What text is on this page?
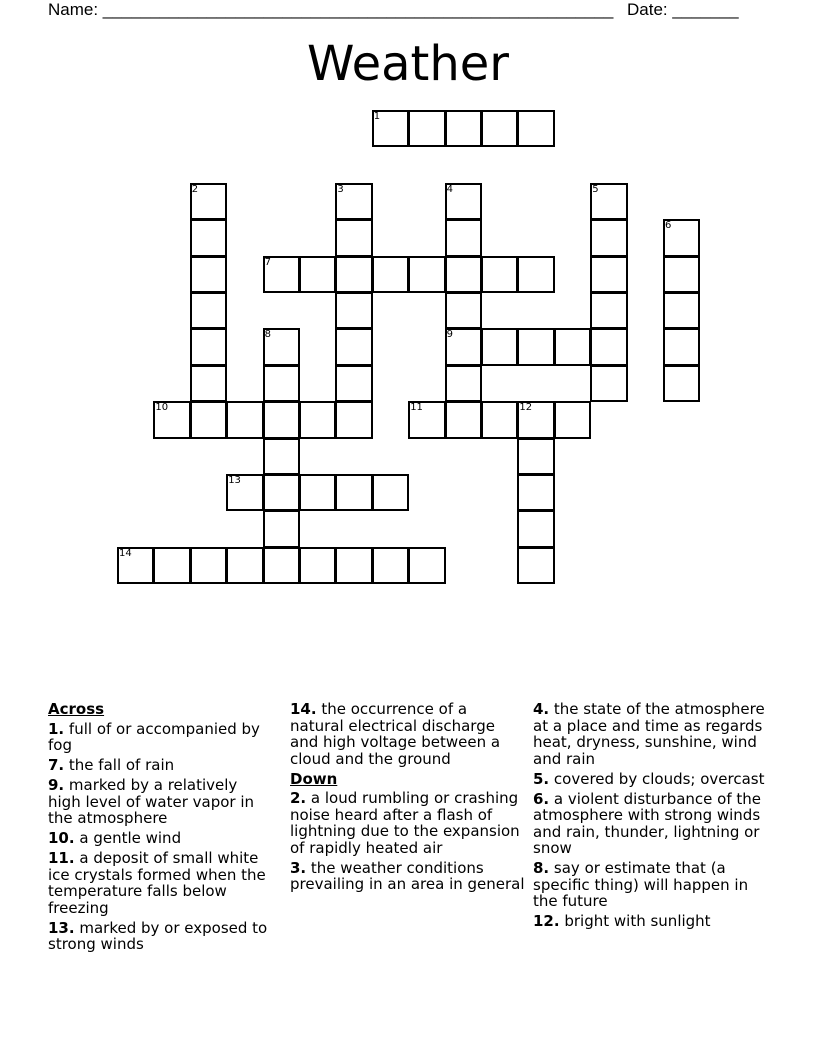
Name: ______________________________________________________ Date: _______
Weather
1
7
9
10	11
13
14
2	3	4	5
6
8
12
Across
1. full of or accompanied by fog
7. the fall of rain
9. marked by a relatively high level of water vapor in the atmosphere
10. a gentle wind
11. a deposit of small white ice crystals formed when the temperature falls below freezing
13. marked by or exposed to strong winds
14. the occurrence of a natural electrical discharge and high voltage between a cloud and the ground
Down
2. a loud rumbling or crashing noise heard after a flash of lightning due to the expansion of rapidly heated air
3. the weather conditions prevailing in an area in general
4. the state of the atmosphere at a place and time as regards heat, dryness, sunshine, wind and rain
5. covered by clouds; overcast
6. a violent disturbance of the atmosphere with strong winds and rain, thunder, lightning or snow
8. say or estimate that (a specific thing) will happen in the future
12. bright with sunlight
